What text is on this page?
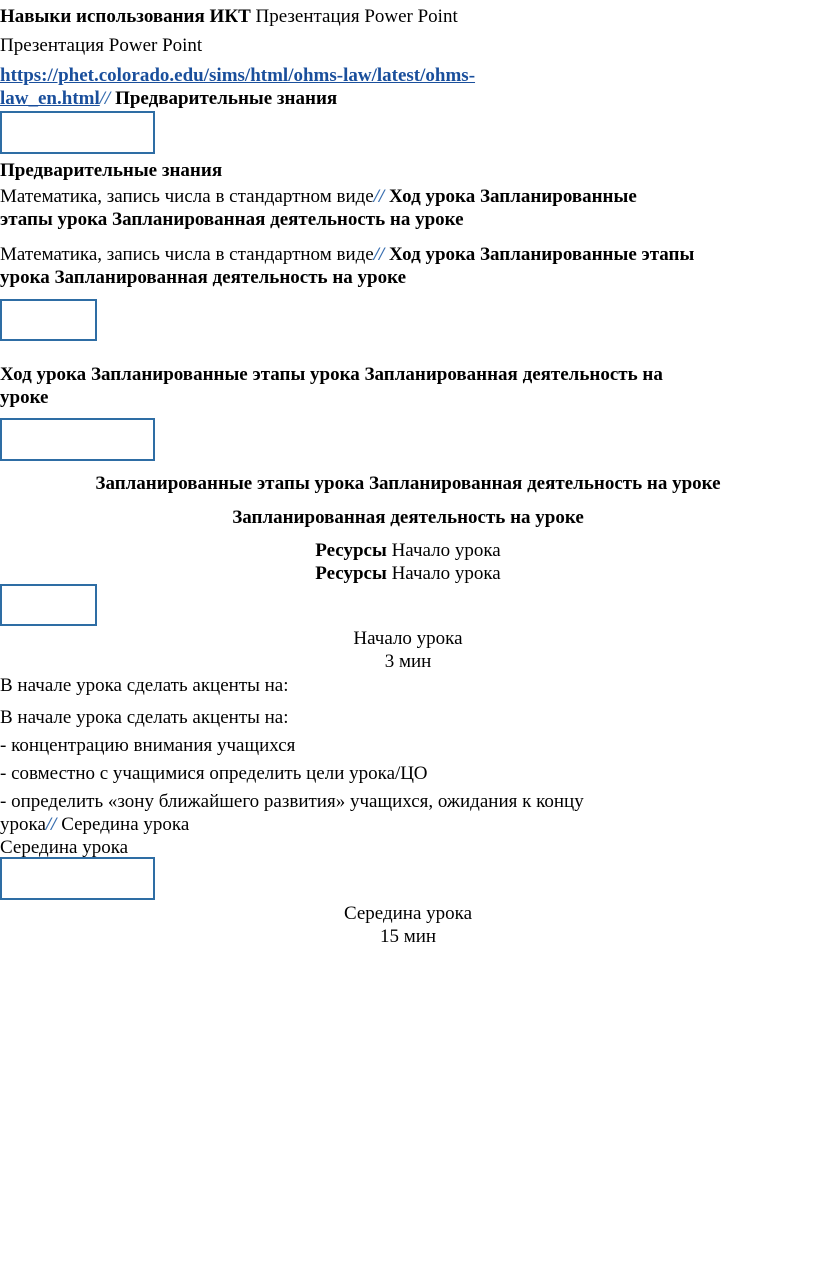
Навыки использования ИКТ Презентация Power Point
Презентация Power Point
https://phet.colorado.edu/sims/html/ohms-law/latest/ohms-
law_en.html// Предварительные знания
Предварительные знания
Математика, запись числа в стандартном виде// Ход урока Запланированные
этапы урока Запланированная деятельность на уроке
Математика, запись числа в стандартном виде// Ход урока Запланированные этапы
урока Запланированная деятельность на уроке
Ход урока Запланированные этапы урока Запланированная деятельность на
уроке
Запланированные этапы урока Запланированная деятельность на уроке
Запланированная деятельность на уроке
Ресурсы Начало урока
Ресурсы Начало урока
Начало урока
3 мин
В начале урока сделать акценты на:
В начале урока сделать акценты на:
- концентрацию внимания учащихся
- совместно с учащимися определить цели урока/ЦО
- определить «зону ближайшего развития» учащихся, ожидания к концу
урока// Середина урока
Середина урока
Середина урока
15 мин
